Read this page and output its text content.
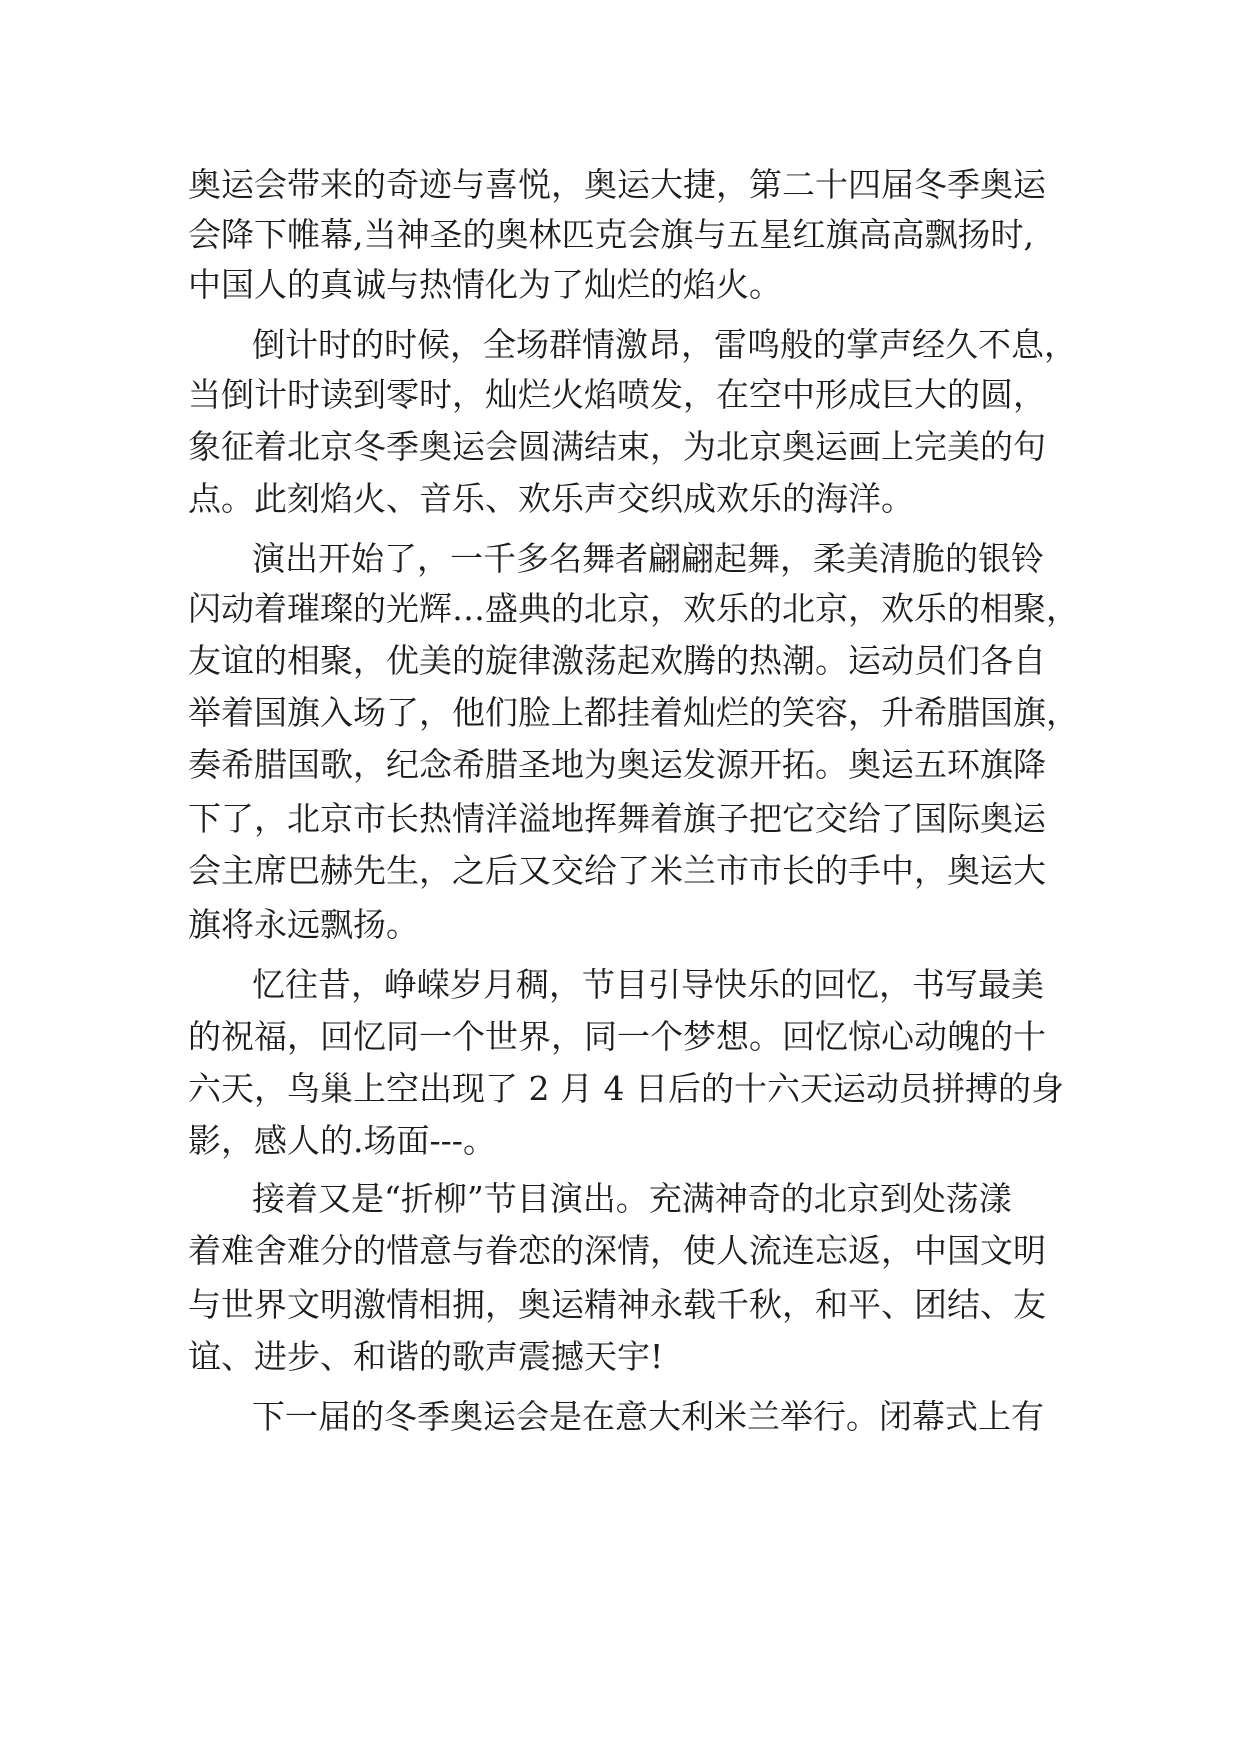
奥运会带来的奇迹与喜悦，奥运大捷，第二十四届冬季奥运
会降下帷幕,当神圣的奥林匹克会旗与五星红旗高高飘扬时,
中国人的真诚与热情化为了灿烂的焰火。
倒计时的时候，全场群情激昂，雷鸣般的掌声经久不息，
当倒计时读到零时，灿烂火焰喷发，在空中形成巨大的圆，
象征着北京冬季奥运会圆满结束，为北京奥运画上完美的句
点。此刻焰火、音乐、欢乐声交织成欢乐的海洋。
演出开始了，一千多名舞者翩翩起舞，柔美清脆的银铃
闪动着璀璨的光辉…盛典的北京，欢乐的北京，欢乐的相聚，
友谊的相聚，优美的旋律激荡起欢腾的热潮。运动员们各自
举着国旗入场了，他们脸上都挂着灿烂的笑容，升希腊国旗，
奏希腊国歌，纪念希腊圣地为奥运发源开拓。奥运五环旗降
下了，北京市长热情洋溢地挥舞着旗子把它交给了国际奥运
会主席巴赫先生，之后又交给了米兰市市长的手中，奥运大
旗将永远飘扬。
忆往昔，峥嵘岁月稠，节目引导快乐的回忆，书写最美
的祝福，回忆同一个世界，同一个梦想。回忆惊心动魄的十
六天，鸟巢上空出现了 2 月 4 日后的十六天运动员拼搏的身
影，感人的.场面---。
接着又是“折柳”节目演出。充满神奇的北京到处荡漾
着难舍难分的惜意与眷恋的深情，使人流连忘返，中国文明
与世界文明激情相拥，奥运精神永载千秋，和平、团结、友
谊、进步、和谐的歌声震撼天宇!
下一届的冬季奥运会是在意大利米兰举行。闭幕式上有
